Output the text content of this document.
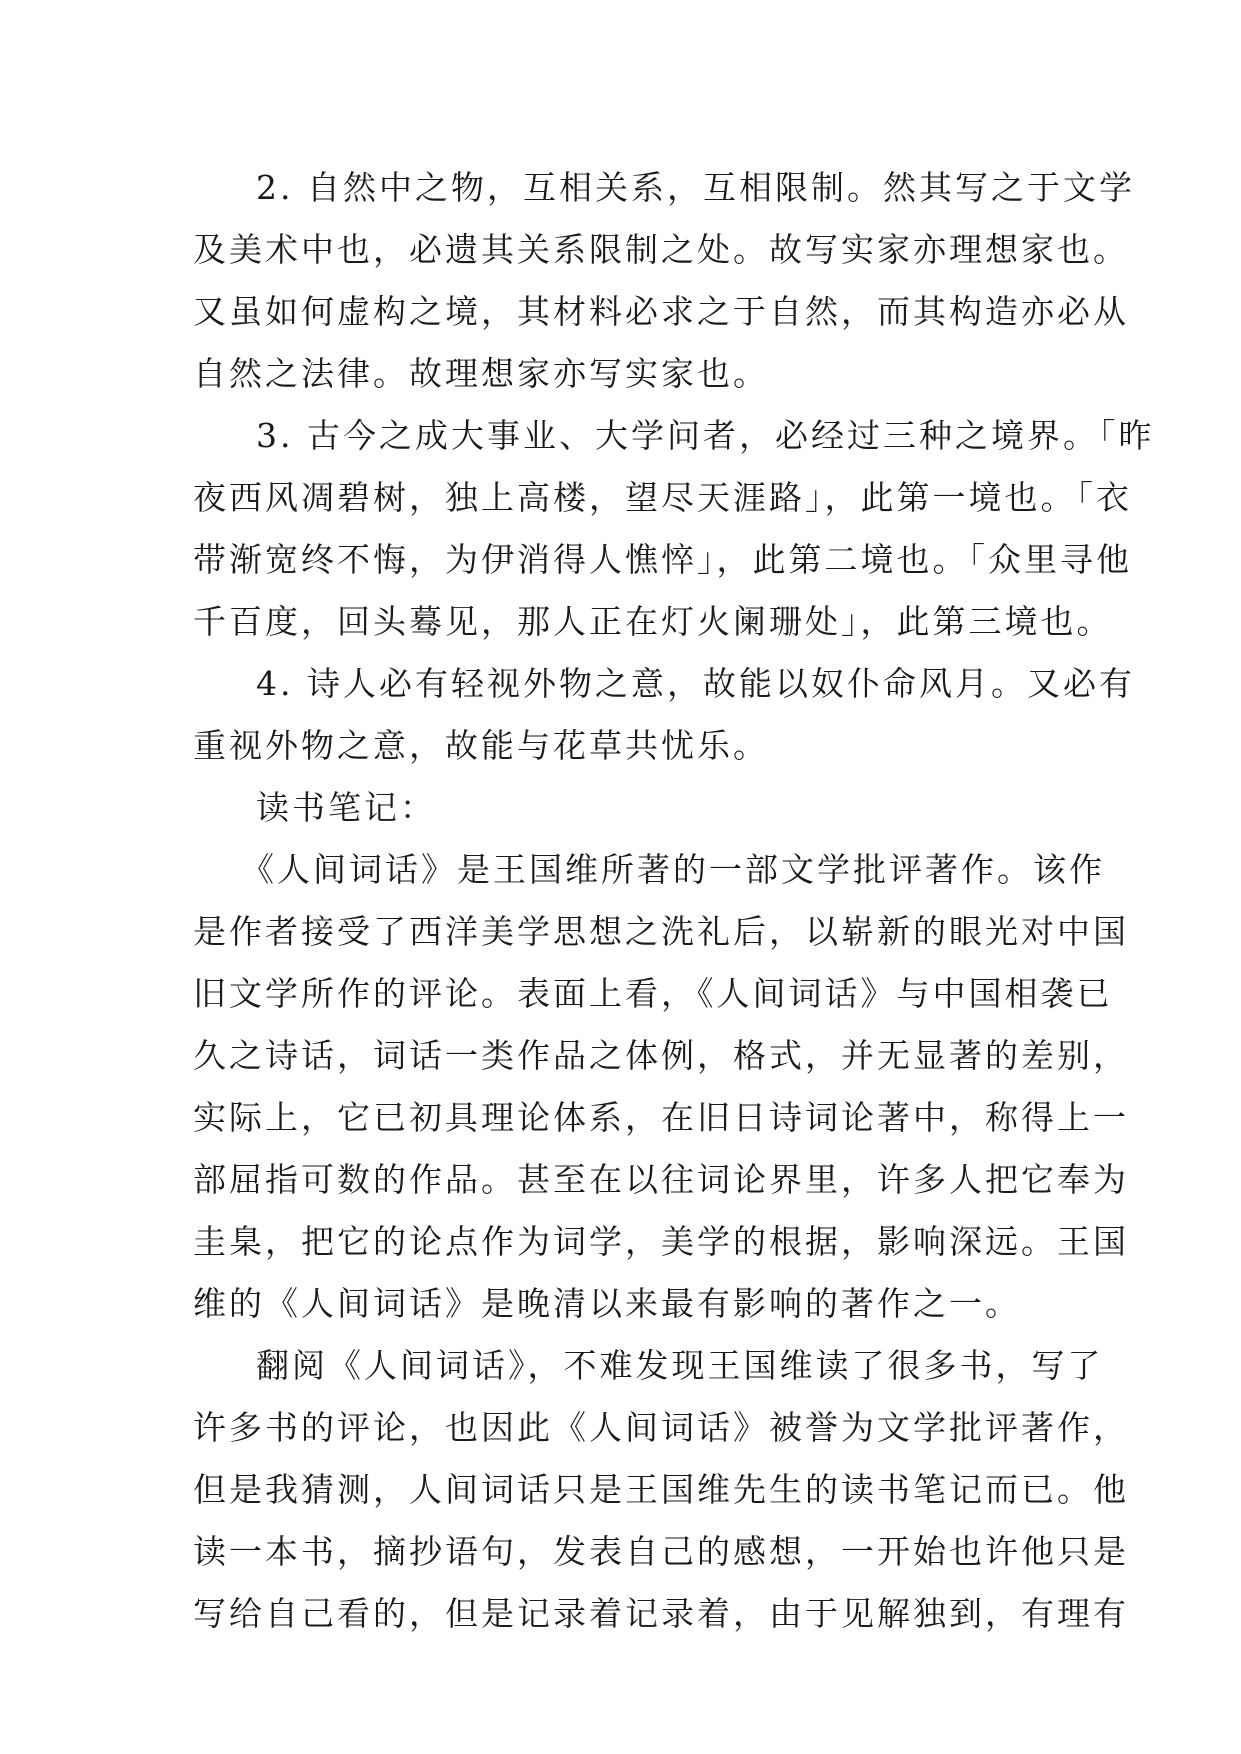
2. 自然中之物，互相关系，互相限制。然其写之于文学
及美术中也，必遗其关系限制之处。故写实家亦理想家也。
又虽如何虚构之境，其材料必求之于自然，而其构造亦必从
自然之法律。故理想家亦写实家也。
3. 古今之成大事业、大学问者，必经过三种之境界。「昨
夜西风凋碧树，独上高楼，望尽天涯路」，此第一境也。「衣
带渐宽终不悔，为伊消得人憔悴」，此第二境也。「众里寻他
千百度，回头蓦见，那人正在灯火阑珊处」，此第三境也。
4. 诗人必有轻视外物之意，故能以奴仆命风月。又必有
重视外物之意，故能与花草共忧乐。
读书笔记：
《人间词话》是王国维所著的一部文学批评著作。该作
是作者接受了西洋美学思想之洗礼后，以崭新的眼光对中国
旧文学所作的评论。表面上看，《人间词话》与中国相袭已
久之诗话，词话一类作品之体例，格式，并无显著的差别，
实际上，它已初具理论体系，在旧日诗词论著中，称得上一
部屈指可数的作品。甚至在以往词论界里，许多人把它奉为
圭臬，把它的论点作为词学，美学的根据，影响深远。王国
维的《人间词话》是晚清以来最有影响的著作之一。
翻阅《人间词话》，不难发现王国维读了很多书，写了
许多书的评论，也因此《人间词话》被誉为文学批评著作，
但是我猜测，人间词话只是王国维先生的读书笔记而已。他
读一本书，摘抄语句，发表自己的感想，一开始也许他只是
写给自己看的，但是记录着记录着，由于见解独到，有理有
